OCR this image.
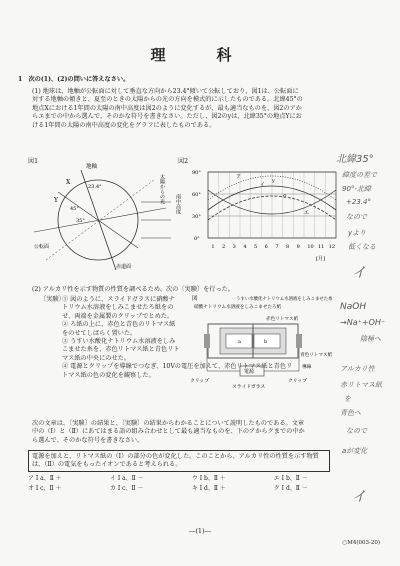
理　科
1　次の(1)、(2)の問いに答えなさい。
(1) 地球は、地軸が公転面に対して垂直な方向から23.4°傾いて公転しており、図1は、公転面に対する地軸の傾きと、夏至のときの太陽からの光の方向を模式的に示したものである。北緯45°の地点Xにおける1年間の太陽の南中高度は図2のように変化するが、最も適当なものを、図2のアからエまでの中から選んで、そのかな符号を書きなさい。ただし、図2のyは、北緯35°の地点Yにおける1年間の太陽の南中高度の変化をグラフに表したものである。
図1
地軸
X
Y
23.4°
45°
35°
公転面
赤道面
太陽からの光
図2
南中高度
90°
60°
30°
0°
1 2 3 4 5 6 7 8 9 10 11 12
[月]
ア
イ
ウ
エ
y
(2) アルカリ性を示す物質の性質を調べるため、次の〔実験〕を行った。
〔実験〕
① 図のように、スライドガラスに硝酸ナトリウム水溶液をしみこませたろ紙をのせ、両端を金属製のクリップでとめた。
② ろ紙の上に、赤色と青色のリトマス紙をのせてしばらく置いた。
③ うすい水酸化ナトリウム水溶液をしみこませた糸を、赤色リトマス紙と青色リトマス紙の中央にのせた。
④ 電源とクリップを導線でつなぎ、10Vの電圧を加えて、赤色リトマス紙と青色リトマス紙の色の変化を観察した。
図
硝酸ナトリウム水溶液をしみこませたろ紙
うすい水酸化ナトリウム水溶液をしみこませた糸
a	b
赤色リトマス紙
青色リトマス紙
電源
クリップ	クリップ
スライドガラス
導線
次の文章は、〔実験〕の結果と、〔実験〕の結果からわかることについて説明したものである。文章中の（Ⅰ）と（Ⅱ）にあてはまる語の組み合わせとして最も適当なものを、下のアからクまでの中から選んで、そのかな符号を書きなさい。
電源を加えと、リトマス紙の（Ⅰ）の部分の色が変化した。このことから、アルカリ性の性質を示す物質は、（Ⅱ）の電気をもったイオンであると考えられる。
ア Ⅰ a、Ⅱ ＋	イ Ⅰ a、Ⅱ －	ウ Ⅰ b、Ⅱ ＋	エ Ⅰ b、Ⅱ － オ Ⅰ c、Ⅱ ＋	カ Ⅰ c、Ⅱ －	キ Ⅰ d、Ⅱ ＋	ク Ⅰ d、Ⅱ －
―(1)―
○M4(003-20)
北緯35°
緯度の差で
90°-北緯
+23.4°
なので
yより
低くなる
イ
NaOH
→Na⁺+OH⁻
陰極へ
アルカリ性
赤リトマス紙
を
青色へ
なので
aが変化
イ
